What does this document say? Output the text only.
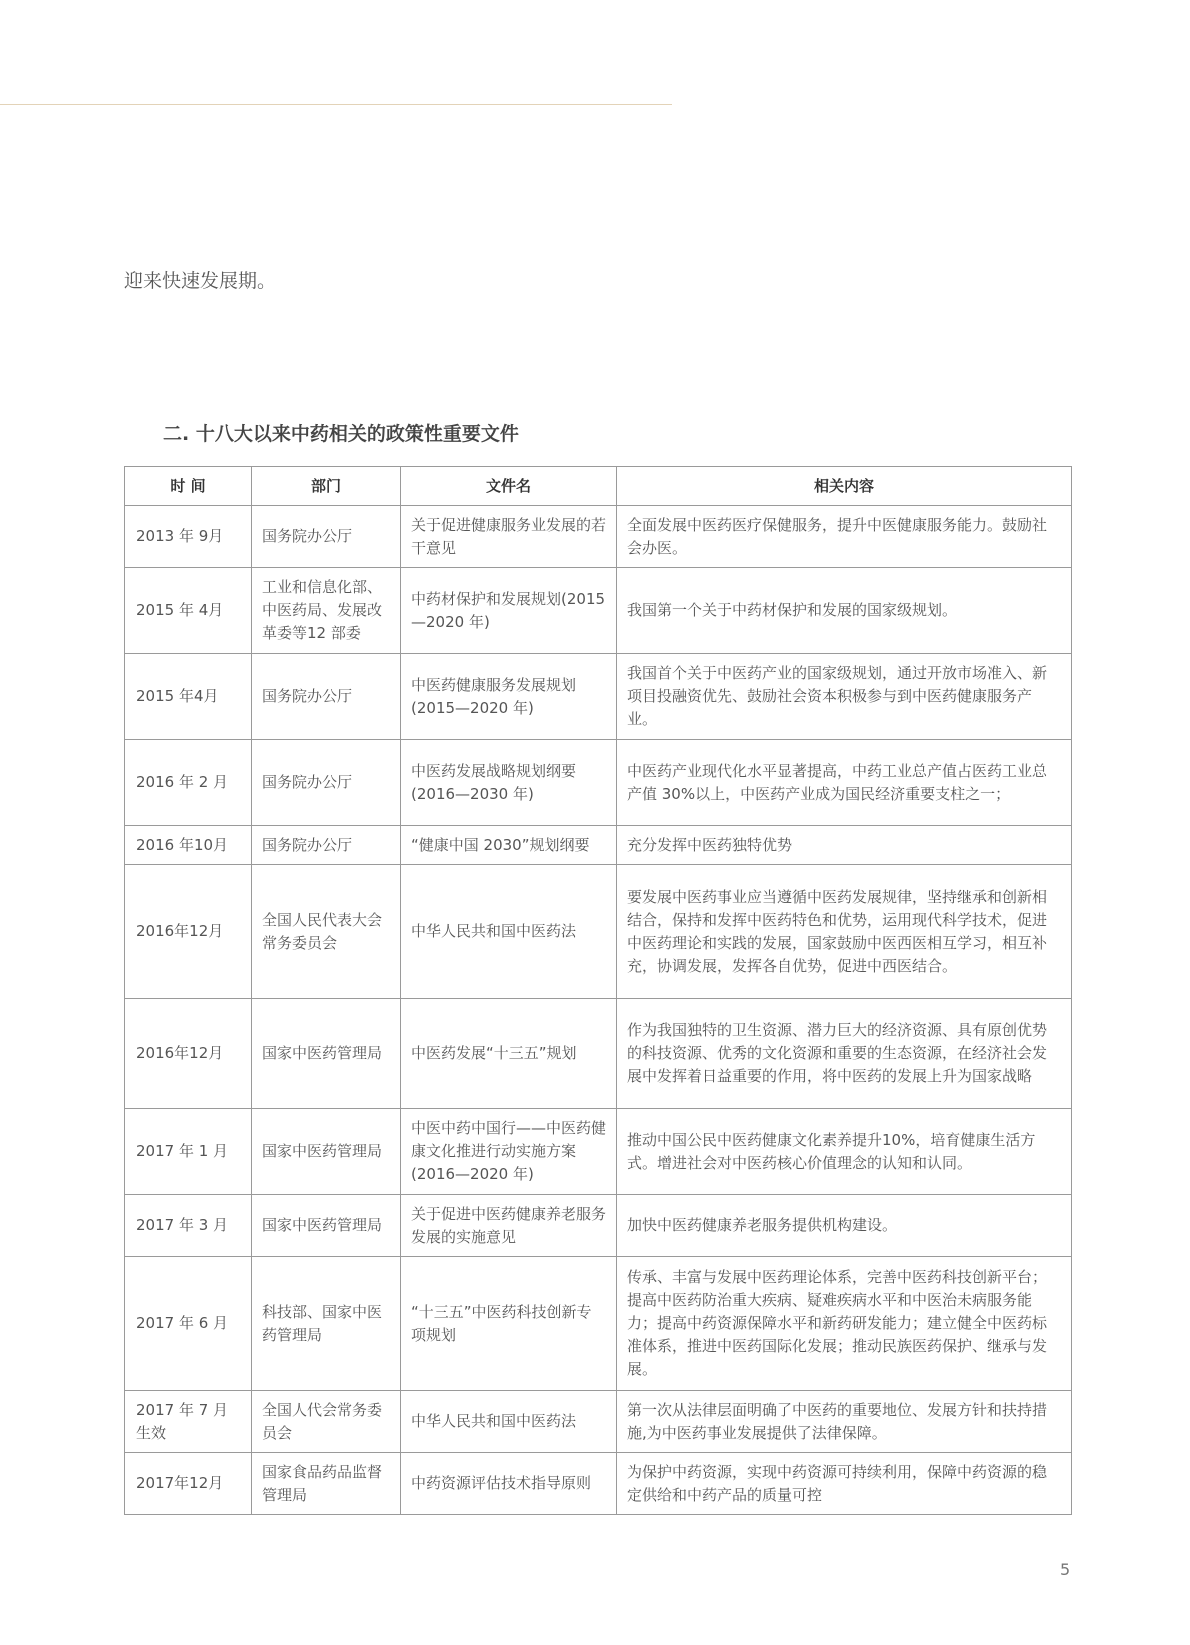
迎来快速发展期。

二. 十八大以来中药相关的政策性重要文件
时 间	部门	文件名	相关内容
2013 年 9月	国务院办公厅	关于促进健康服务业发展的若干意见	全面发展中医药医疗保健服务，提升中医健康服务能力。鼓励社会办医。
2015 年 4月	工业和信息化部、中医药局、发展改革委等12 部委	中药材保护和发展规划(2015—2020 年)	我国第一个关于中药材保护和发展的国家级规划。
2015 年4月	国务院办公厅	中医药健康服务发展规划(2015—2020 年)	我国首个关于中医药产业的国家级规划，通过开放市场准入、新项目投融资优先、鼓励社会资本积极参与到中医药健康服务产业。
2016 年 2 月	国务院办公厅	中医药发展战略规划纲要(2016—2030 年)	中医药产业现代化水平显著提高，中药工业总产值占医药工业总产值 30%以上，中医药产业成为国民经济重要支柱之一；
2016 年10月	国务院办公厅	“健康中国 2030”规划纲要	充分发挥中医药独特优势
2016年12月	全国人民代表大会常务委员会	中华人民共和国中医药法	要发展中医药事业应当遵循中医药发展规律，坚持继承和创新相结合，保持和发挥中医药特色和优势，运用现代科学技术，促进中医药理论和实践的发展，国家鼓励中医西医相互学习，相互补充，协调发展，发挥各自优势，促进中西医结合。
2016年12月	国家中医药管理局	中医药发展“十三五”规划	作为我国独特的卫生资源、潜力巨大的经济资源、具有原创优势的科技资源、优秀的文化资源和重要的生态资源，在经济社会发展中发挥着日益重要的作用，将中医药的发展上升为国家战略
2017 年 1 月	国家中医药管理局	中医中药中国行——中医药健康文化推进行动实施方案(2016—2020 年)	推动中国公民中医药健康文化素养提升10%，培育健康生活方式。增进社会对中医药核心价值理念的认知和认同。
2017 年 3 月	国家中医药管理局	关于促进中医药健康养老服务发展的实施意见	加快中医药健康养老服务提供机构建设。
2017 年 6 月	科技部、国家中医药管理局	“十三五”中医药科技创新专项规划	传承、丰富与发展中医药理论体系，完善中医药科技创新平台；提高中医药防治重大疾病、疑难疾病水平和中医治未病服务能力；提高中药资源保障水平和新药研发能力；建立健全中医药标准体系，推进中医药国际化发展；推动民族医药保护、继承与发展。
2017 年 7 月生效	全国人代会常务委员会	中华人民共和国中医药法	第一次从法律层面明确了中医药的重要地位、发展方针和扶持措施,为中医药事业发展提供了法律保障。
2017年12月	国家食品药品监督管理局	中药资源评估技术指导原则	为保护中药资源，实现中药资源可持续利用，保障中药资源的稳定供给和中药产品的质量可控
5
